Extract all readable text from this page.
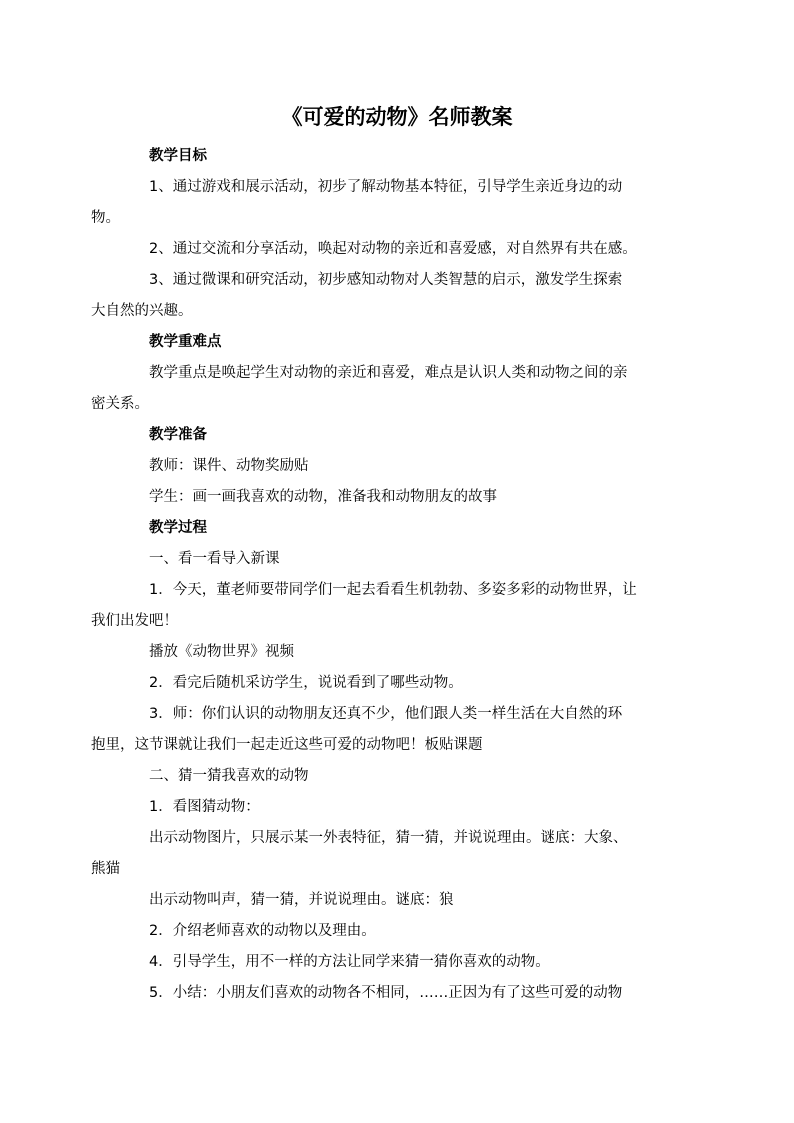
《可爱的动物》名师教案
教学目标
1、通过游戏和展示活动，初步了解动物基本特征，引导学生亲近身边的动
物。
2、通过交流和分享活动，唤起对动物的亲近和喜爱感，对自然界有共在感。
3、通过微课和研究活动，初步感知动物对人类智慧的启示，激发学生探索
大自然的兴趣。
教学重难点
教学重点是唤起学生对动物的亲近和喜爱，难点是认识人类和动物之间的亲
密关系。
教学准备
教师：课件、动物奖励贴
学生：画一画我喜欢的动物，准备我和动物朋友的故事
教学过程
一、看一看导入新课
1．今天，董老师要带同学们一起去看看生机勃勃、多姿多彩的动物世界，让
我们出发吧！
播放《动物世界》视频
2．看完后随机采访学生，说说看到了哪些动物。
3．师：你们认识的动物朋友还真不少，他们跟人类一样生活在大自然的环
抱里，这节课就让我们一起走近这些可爱的动物吧！板贴课题
二、猜一猜我喜欢的动物
1．看图猜动物：
出示动物图片，只展示某一外表特征，猜一猜，并说说理由。谜底：大象、
熊猫
出示动物叫声，猜一猜，并说说理由。谜底：狼
2．介绍老师喜欢的动物以及理由。
4．引导学生，用不一样的方法让同学来猜一猜你喜欢的动物。
5．小结：小朋友们喜欢的动物各不相同，……正因为有了这些可爱的动物
